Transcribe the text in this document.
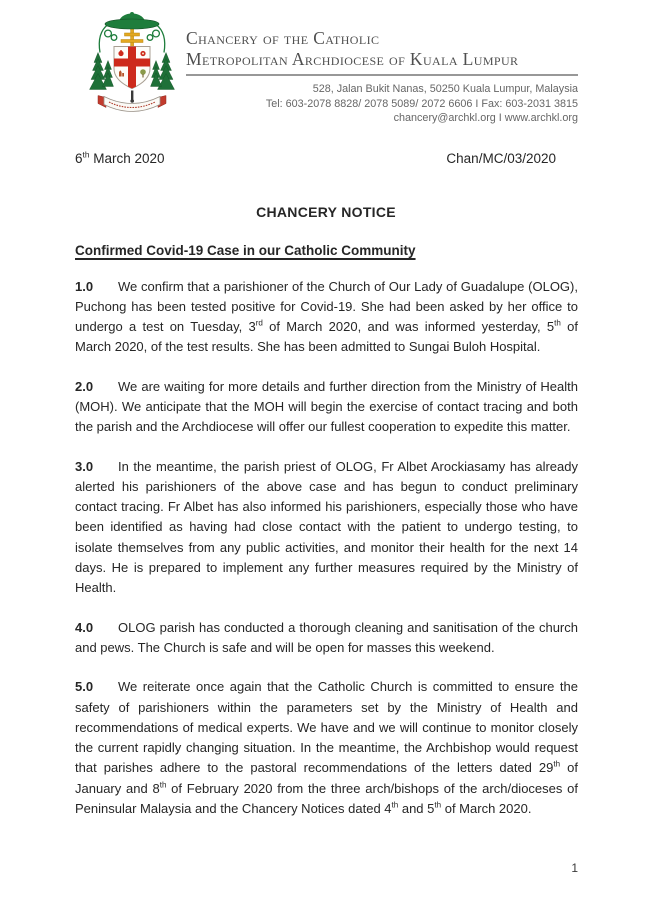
Chancery of the Catholic
Metropolitan Archdiocese of Kuala Lumpur
528, Jalan Bukit Nanas, 50250 Kuala Lumpur, Malaysia
Tel: 603-2078 8828/ 2078 5089/ 2072 6606 I Fax: 603-2031 3815
chancery@archkl.org I www.archkl.org
6th March 2020	Chan/MC/03/2020
CHANCERY NOTICE
Confirmed Covid-19 Case in our Catholic Community

1.0 We confirm that a parishioner of the Church of Our Lady of Guadalupe (OLOG), Puchong has been tested positive for Covid-19. She had been asked by her office to undergo a test on Tuesday, 3rd of March 2020, and was informed yesterday, 5th of March 2020, of the test results. She has been admitted to Sungai Buloh Hospital.

2.0 We are waiting for more details and further direction from the Ministry of Health (MOH). We anticipate that the MOH will begin the exercise of contact tracing and both the parish and the Archdiocese will offer our fullest cooperation to expedite this matter.

3.0 In the meantime, the parish priest of OLOG, Fr Albet Arockiasamy has already alerted his parishioners of the above case and has begun to conduct preliminary contact tracing. Fr Albet has also informed his parishioners, especially those who have been identified as having had close contact with the patient to undergo testing, to isolate themselves from any public activities, and monitor their health for the next 14 days. He is prepared to implement any further measures required by the Ministry of Health.

4.0 OLOG parish has conducted a thorough cleaning and sanitisation of the church and pews. The Church is safe and will be open for masses this weekend.

5.0 We reiterate once again that the Catholic Church is committed to ensure the safety of parishioners within the parameters set by the Ministry of Health and recommendations of medical experts. We have and we will continue to monitor closely the current rapidly changing situation. In the meantime, the Archbishop would request that parishes adhere to the pastoral recommendations of the letters dated 29th of January and 8th of February 2020 from the three arch/bishops of the arch/dioceses of Peninsular Malaysia and the Chancery Notices dated 4th and 5th of March 2020.

1
